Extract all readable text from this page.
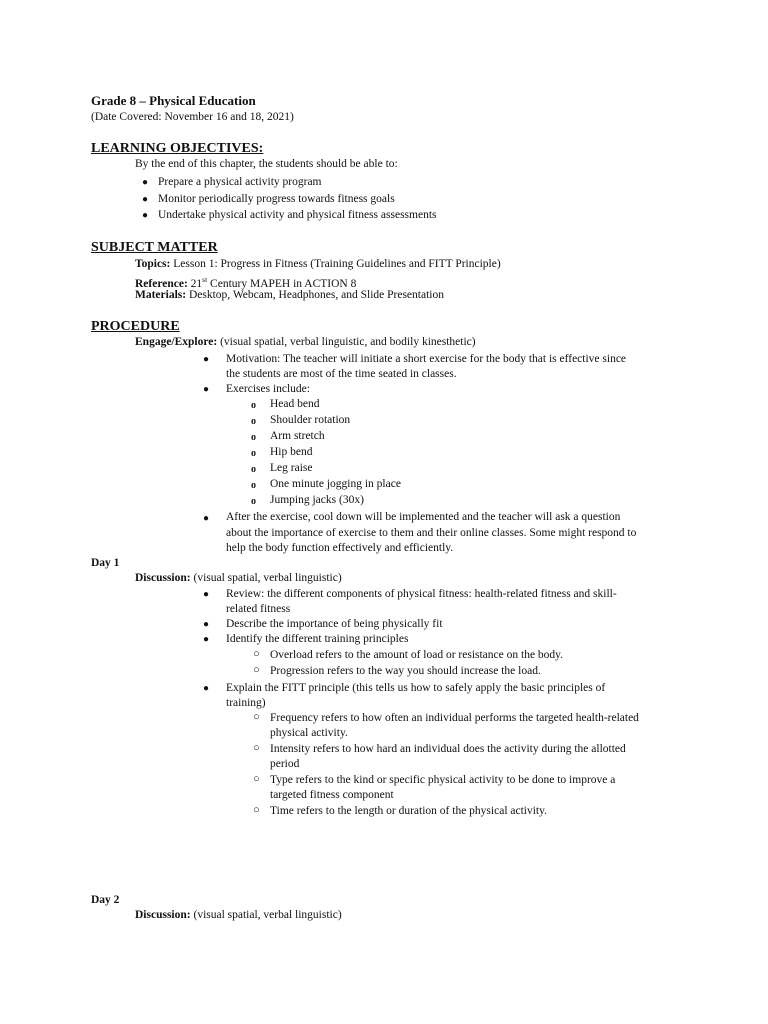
Grade 8 – Physical Education
(Date Covered: November 16 and 18, 2021)
LEARNING OBJECTIVES:
By the end of this chapter, the students should be able to:
● Prepare a physical activity program
● Monitor periodically progress towards fitness goals
● Undertake physical activity and physical fitness assessments
SUBJECT MATTER
Topics: Lesson 1: Progress in Fitness (Training Guidelines and FITT Principle)
Reference: 21st Century MAPEH in ACTION 8
Materials: Desktop, Webcam, Headphones, and Slide Presentation
PROCEDURE
Engage/Explore: (visual spatial, verbal linguistic, and bodily kinesthetic)
● Motivation: The teacher will initiate a short exercise for the body that is effective since
the students are most of the time seated in classes.
● Exercises include:
o Head bend
o Shoulder rotation
o Arm stretch
o Hip bend
o Leg raise
o One minute jogging in place
o Jumping jacks (30x)
● After the exercise, cool down will be implemented and the teacher will ask a question
about the importance of exercise to them and their online classes. Some might respond to
help the body function effectively and efficiently.
Day 1
Discussion: (visual spatial, verbal linguistic)
● Review: the different components of physical fitness: health-related fitness and skill-
related fitness
● Describe the importance of being physically fit
● Identify the different training principles
○ Overload refers to the amount of load or resistance on the body.
○ Progression refers to the way you should increase the load.
● Explain the FITT principle (this tells us how to safely apply the basic principles of
training)
○ Frequency refers to how often an individual performs the targeted health-related
physical activity.
○ Intensity refers to how hard an individual does the activity during the allotted
period
○ Type refers to the kind or specific physical activity to be done to improve a
targeted fitness component
○ Time refers to the length or duration of the physical activity.
Day 2
Discussion: (visual spatial, verbal linguistic)
